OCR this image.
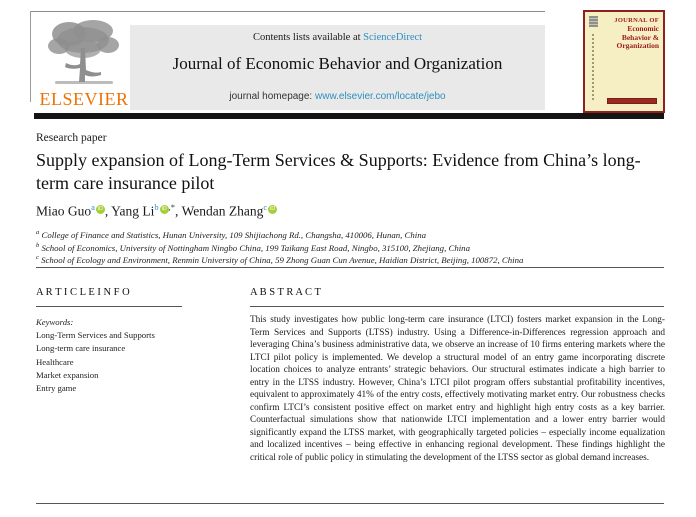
ELSEVIER
Contents lists available at ScienceDirect
Journal of Economic Behavior and Organization
journal homepage: www.elsevier.com/locate/jebo
JOURNAL OF
Economic
Behavior &
Organization
Research paper
Supply expansion of Long-Term Services & Supports: Evidence from China’s long-term care insurance pilot
Miao Guo$^a$ iD , Yang Li$^b$ iD ,*, Wendan Zhang$^c$ iD
$^a$ College of Finance and Statistics, Hunan University, 109 Shijiachong Rd., Changsha, 410006, Hunan, China
$^b$ School of Economics, University of Nottingham Ningbo China, 199 Taikang East Road, Ningbo, 315100, Zhejiang, China
$^c$ School of Ecology and Environment, Renmin University of China, 59 Zhong Guan Cun Avenue, Haidian District, Beijing, 100872, China
A R T I C L E I N F O	A B S T R A C T
Keywords:
Long-Term Services and Supports
Long-term care insurance
Healthcare
Market expansion
Entry game
This study investigates how public long-term care insurance (LTCI) fosters market expansion in the Long-Term Services and Supports (LTSS) industry. Using a Difference-in-Differences regression approach and leveraging China’s business administrative data, we observe an increase of 10 firms entering markets where the LTCI pilot policy is implemented. We develop a structural model of an entry game incorporating discrete location choices to analyze entrants’ strategic behaviors. Our structural estimates indicate a high barrier to entry in the LTSS industry. However, China’s LTCI pilot program offers substantial profitability incentives, equivalent to approximately 41% of the entry costs, effectively motivating market entry. Our robustness checks confirm LTCI’s consistent positive effect on market entry and highlight high entry costs as a key barrier. Counterfactual simulations show that nationwide LTCI implementation and a lower entry barrier would significantly expand the LTSS market, with geographically targeted policies – especially income equalization and localized incentives – being effective in enhancing regional development. These findings highlight the critical role of public policy in stimulating the development of the LTSS sector as global demand increases.
